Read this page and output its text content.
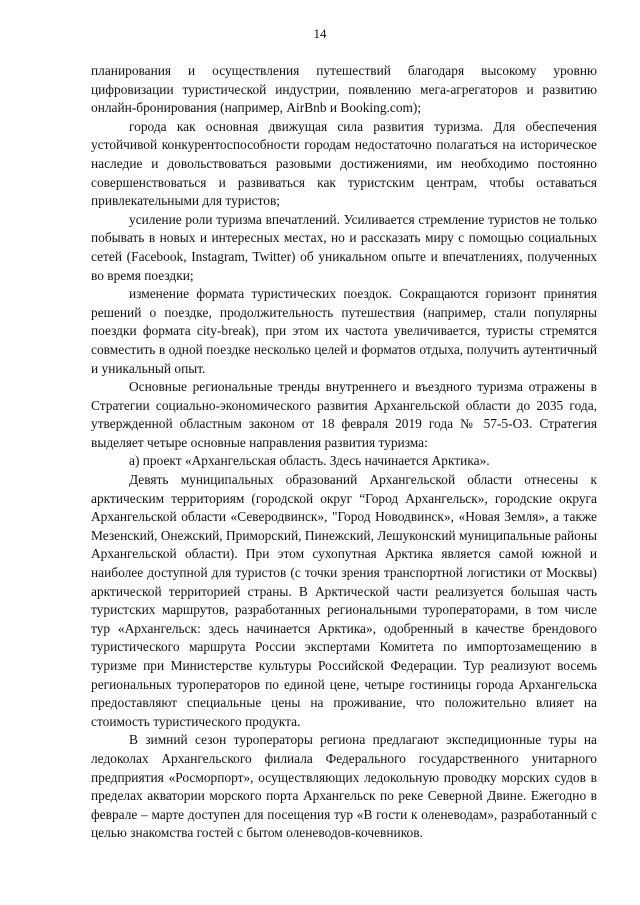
14

планирования и осуществления путешествий благодаря высокому уровню цифровизации туристической индустрии, появлению мега-агрегаторов и развитию онлайн-бронирования (например, AirBnb и Booking.com);

города как основная движущая сила развития туризма. Для обеспечения устойчивой конкурентоспособности городам недостаточно полагаться на историческое наследие и довольствоваться разовыми достижениями, им необходимо постоянно совершенствоваться и развиваться как туристским центрам, чтобы оставаться привлекательными для туристов;

усиление роли туризма впечатлений. Усиливается стремление туристов не только побывать в новых и интересных местах, но и рассказать миру с помощью социальных сетей (Facebook, Instagram, Twitter) об уникальном опыте и впечатлениях, полученных во время поездки;

изменение формата туристических поездок. Сокращаются горизонт принятия решений о поездке, продолжительность путешествия (например, стали популярны поездки формата city-break), при этом их частота увеличивается, туристы стремятся совместить в одной поездке несколько целей и форматов отдыха, получить аутентичный и уникальный опыт.

Основные региональные тренды внутреннего и въездного туризма отражены в Стратегии социально-экономического развития Архангельской области до 2035 года, утвержденной областным законом от 18 февраля 2019 года № 57-5-ОЗ. Стратегия выделяет четыре основные направления развития туризма:

а) проект «Архангельская область. Здесь начинается Арктика».

Девять муниципальных образований Архангельской области отнесены к арктическим территориям (городской округ “Город Архангельск», городские округа Архангельской области «Северодвинск», "Город Новодвинск», «Новая Земля», а также Мезенский, Онежский, Приморский, Пинежский, Лешуконский муниципальные районы Архангельской области). При этом сухопутная Арктика является самой южной и наиболее доступной для туристов (с точки зрения транспортной логистики от Москвы) арктической территорией страны. В Арктической части реализуется большая часть туристских маршрутов, разработанных региональными туроператорами, в том числе тур «Архангельск: здесь начинается Арктика», одобренный в качестве брендового туристического маршрута России экспертами Комитета по импортозамещению в туризме при Министерстве культуры Российской Федерации. Тур реализуют восемь региональных туроператоров по единой цене, четыре гостиницы города Архангельска предоставляют специальные цены на проживание, что положительно влияет на стоимость туристического продукта.

В зимний сезон туроператоры региона предлагают экспедиционные туры на ледоколах Архангельского филиала Федерального государственного унитарного предприятия «Росморпорт», осуществляющих ледокольную проводку морских судов в пределах акватории морского порта Архангельск по реке Северной Двине. Ежегодно в феврале – марте доступен для посещения тур «В гости к оленеводам», разработанный с целью знакомства гостей с бытом оленеводов-кочевников.
